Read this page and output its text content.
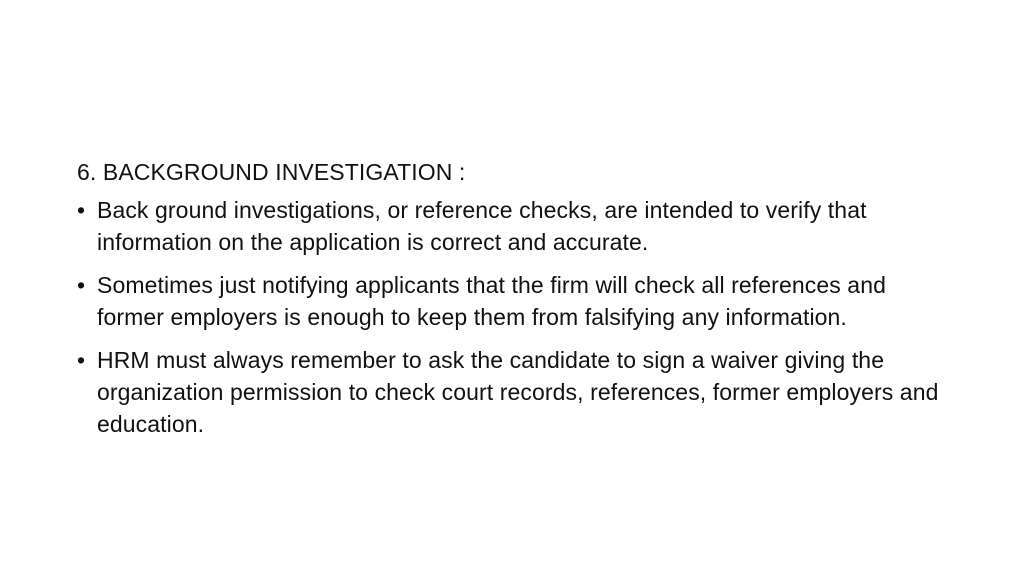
6. BACKGROUND INVESTIGATION :
• Back ground investigations, or reference checks, are intended to verify that information on the application is correct and accurate.
• Sometimes just notifying applicants that the firm will check all references and former employers is enough to keep them from falsifying any information.
• HRM must always remember to ask the candidate to sign a waiver giving the organization permission to check court records, references, former employers and education.
